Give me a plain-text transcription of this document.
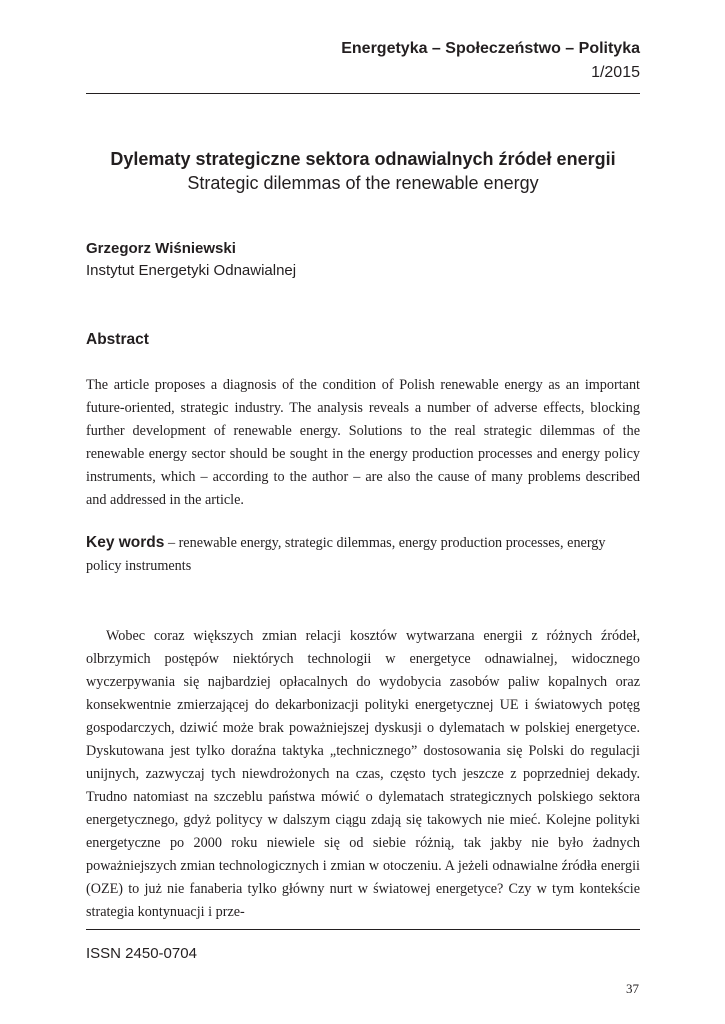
Energetyka – Społeczeństwo – Polityka
1/2015
Dylematy strategiczne sektora odnawialnych źródeł energii
Strategic dilemmas of the renewable energy
Grzegorz Wiśniewski
Instytut Energetyki Odnawialnej
Abstract
The article proposes a diagnosis of the condition of Polish renewable energy as an important future-oriented, strategic industry. The analysis reveals a number of adverse effects, blocking further development of renewable energy. Solutions to the real strategic dilemmas of the renewable energy sector should be sought in the energy production processes and energy policy instruments, which – according to the author – are also the cause of many problems described and addressed in the article.
Key words – renewable energy, strategic dilemmas, energy production processes, energy policy instruments
Wobec coraz większych zmian relacji kosztów wytwarzana energii z różnych źródeł, olbrzymich postępów niektórych technologii w energetyce odnawialnej, widocznego wyczerpywania się najbardziej opłacalnych do wydobycia zasobów paliw kopalnych oraz konsekwentnie zmierzającej do dekarbonizacji polityki energetycznej UE i światowych potęg gospodarczych, dziwić może brak poważniejszej dyskusji o dylematach w polskiej energetyce. Dyskutowana jest tylko doraźna taktyka „technicznego” dostosowania się Polski do regulacji unijnych, zazwyczaj tych niewdrożonych na czas, często tych jeszcze z poprzedniej dekady. Trudno natomiast na szczeblu państwa mówić o dylematach strategicznych polskiego sektora energetycznego, gdyż politycy w dalszym ciągu zdają się takowych nie mieć. Kolejne polityki energetyczne po 2000 roku niewiele się od siebie różnią, tak jakby nie było żadnych poważniejszych zmian technologicznych i zmian w otoczeniu. A jeżeli odnawialne źródła energii (OZE) to już nie fanaberia tylko główny nurt w światowej energetyce? Czy w tym kontekście strategia kontynuacji i prze-
ISSN 2450-0704
37
